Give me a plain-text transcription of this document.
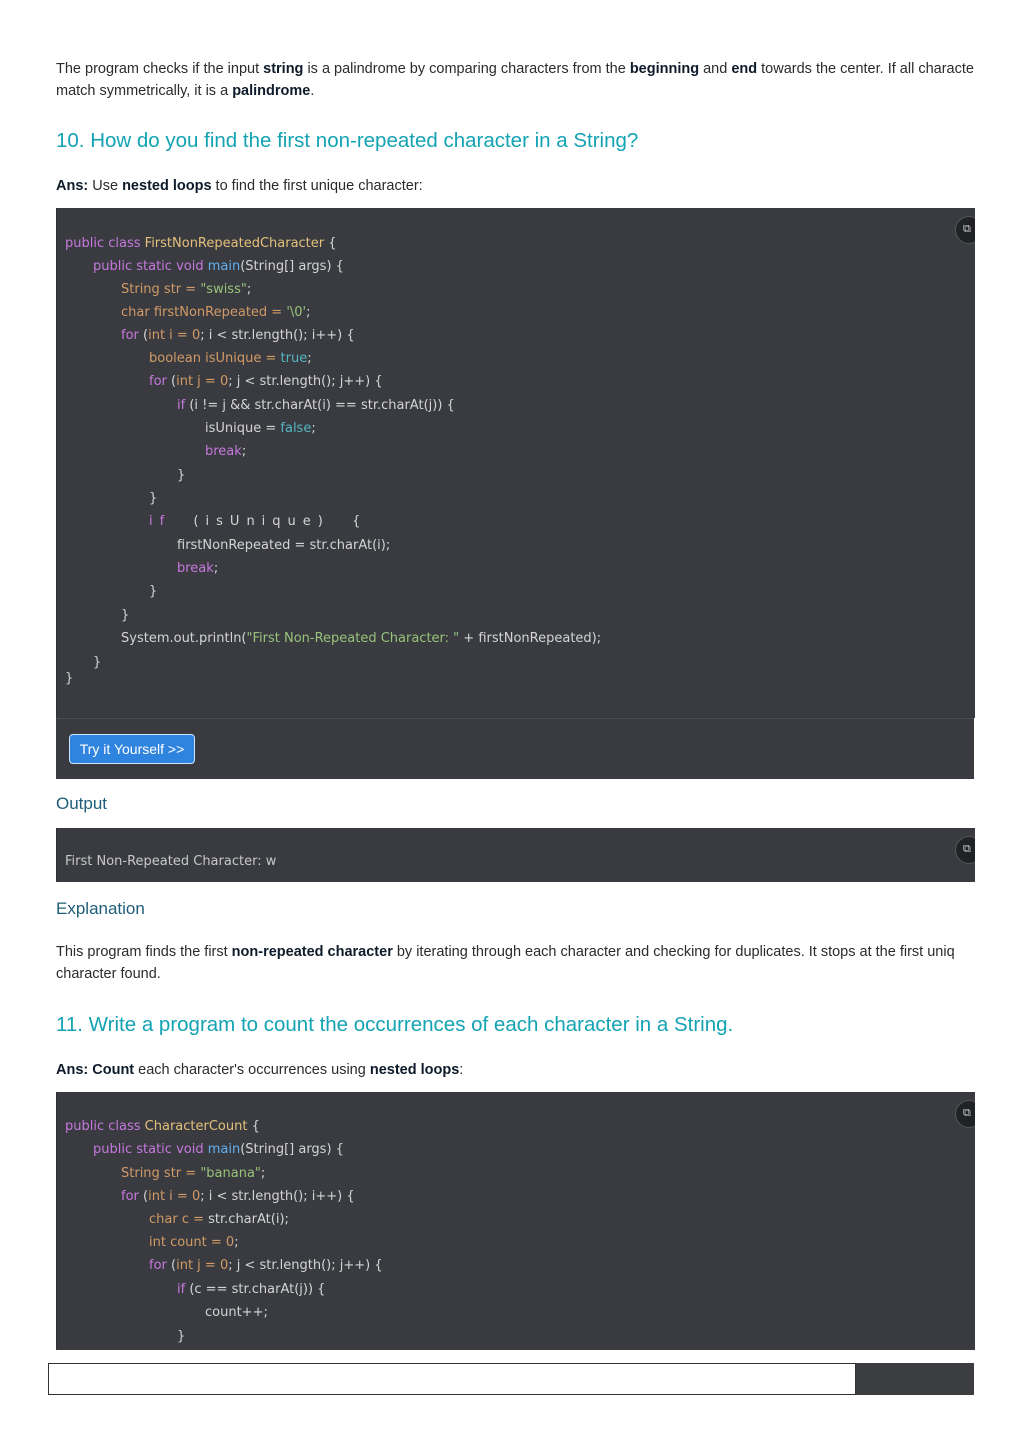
The program checks if the input string is a palindrome by comparing characters from the beginning and end towards the center. If all characte

match symmetrically, it is a palindrome.

10. How do you find the first non-repeated character in a String?

Ans: Use nested loops to find the first unique character:

⧉
public class FirstNonRepeatedCharacter {
public static void main(String[] args) {
String str = "swiss";
char firstNonRepeated = '\0';
for (int i = 0; i < str.length(); i++) {
boolean isUnique = true;
for (int j = 0; j < str.length(); j++) {
if (i != j && str.charAt(i) == str.charAt(j)) {
isUnique = false;
break;
}
}
if  (isUnique)  {
firstNonRepeated = str.charAt(i);
break;
}
}
System.out.println("First Non-Repeated Character: " + firstNonRepeated);
}
}
Try it Yourself >>
Output
⧉
First Non-Repeated Character: w
Explanation

This program finds the first non-repeated character by iterating through each character and checking for duplicates. It stops at the first uniq

character found.

11. Write a program to count the occurrences of each character in a String.

Ans: Count each character's occurrences using nested loops:

⧉
public class CharacterCount {
public static void main(String[] args) {
String str = "banana";
for (int i = 0; i < str.length(); i++) {
char c = str.charAt(i);
int count = 0;
for (int j = 0; j < str.length(); j++) {
if (c == str.charAt(j)) {
count++;
}
